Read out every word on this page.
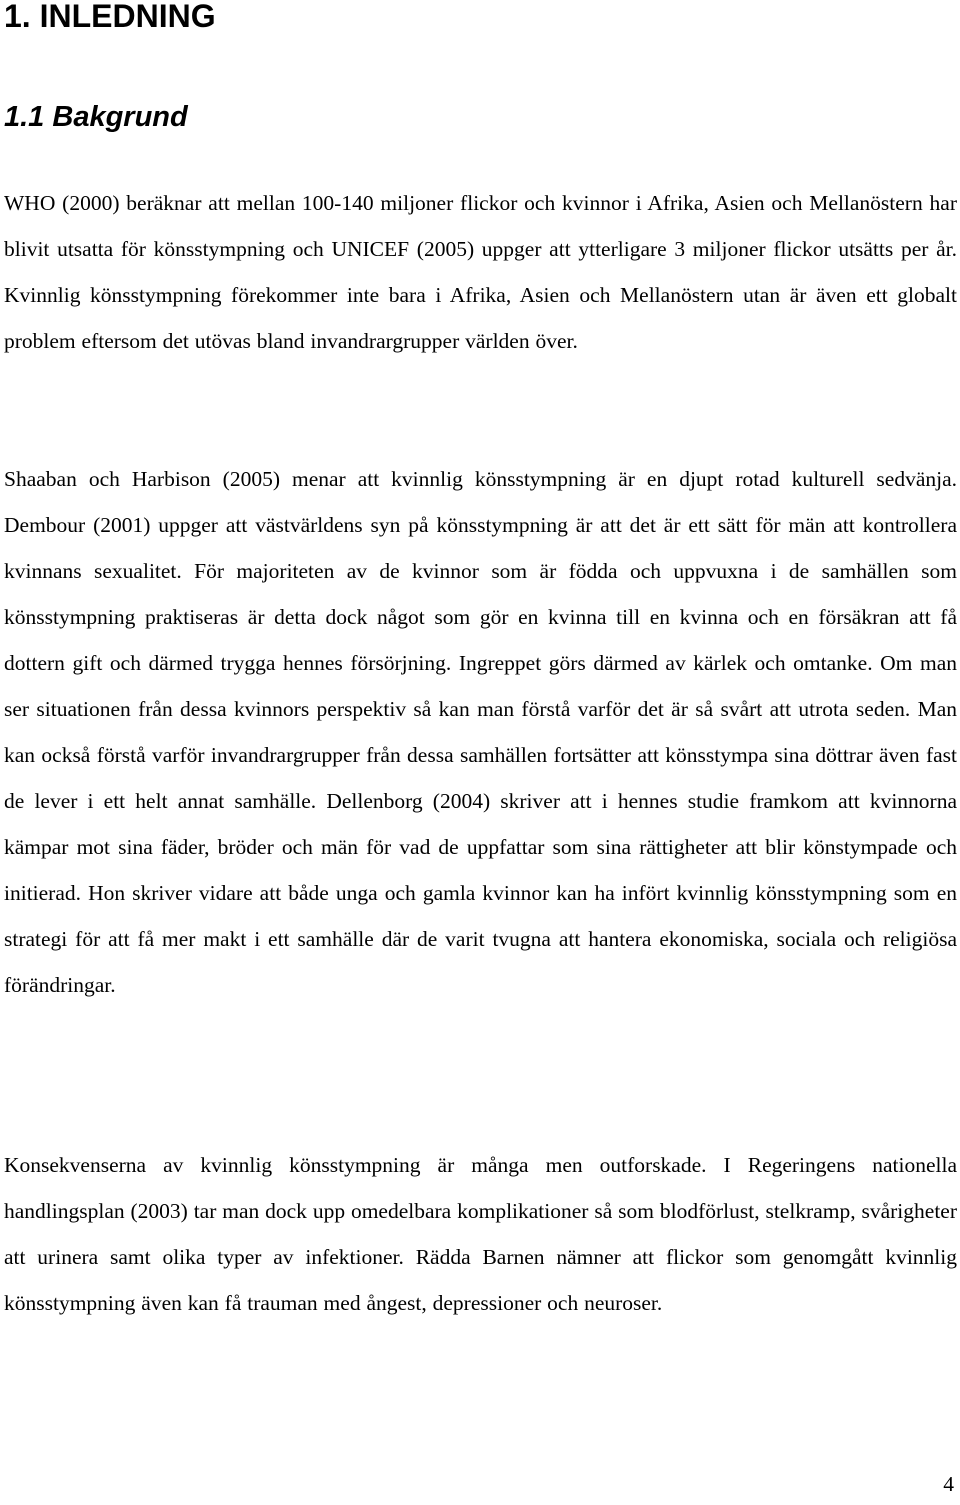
1. INLEDNING
1.1 Bakgrund

WHO (2000) beräknar att mellan 100-140 miljoner flickor och kvinnor i Afrika, Asien och Mellanöstern har blivit utsatta för könsstympning och UNICEF (2005) uppger att ytterligare 3 miljoner flickor utsätts per år. Kvinnlig könsstympning förekommer inte bara i Afrika, Asien och Mellanöstern utan är även ett globalt problem eftersom det utövas bland invandrargrupper världen över.

Shaaban och Harbison (2005) menar att kvinnlig könsstympning är en djupt rotad kulturell sedvänja. Dembour (2001) uppger att västvärldens syn på könsstympning är att det är ett sätt för män att kontrollera kvinnans sexualitet. För majoriteten av de kvinnor som är födda och uppvuxna i de samhällen som könsstympning praktiseras är detta dock något som gör en kvinna till en kvinna och en försäkran att få dottern gift och därmed trygga hennes försörjning. Ingreppet görs därmed av kärlek och omtanke. Om man ser situationen från dessa kvinnors perspektiv så kan man förstå varför det är så svårt att utrota seden. Man kan också förstå varför invandrargrupper från dessa samhällen fortsätter att könsstympa sina döttrar även fast de lever i ett helt annat samhälle. Dellenborg (2004) skriver att i hennes studie framkom att kvinnorna kämpar mot sina fäder, bröder och män för vad de uppfattar som sina rättigheter att blir könstympade och initierad. Hon skriver vidare att både unga och gamla kvinnor kan ha infört kvinnlig könsstympning som en strategi för att få mer makt i ett samhälle där de varit tvugna att hantera ekonomiska, sociala och religiösa förändringar.

Konsekvenserna av kvinnlig könsstympning är många men outforskade. I Regeringens nationella handlingsplan (2003) tar man dock upp omedelbara komplikationer så som blodförlust, stelkramp, svårigheter att urinera samt olika typer av infektioner. Rädda Barnen nämner att flickor som genomgått kvinnlig könsstympning även kan få trauman med ångest, depressioner och neuroser.

4
